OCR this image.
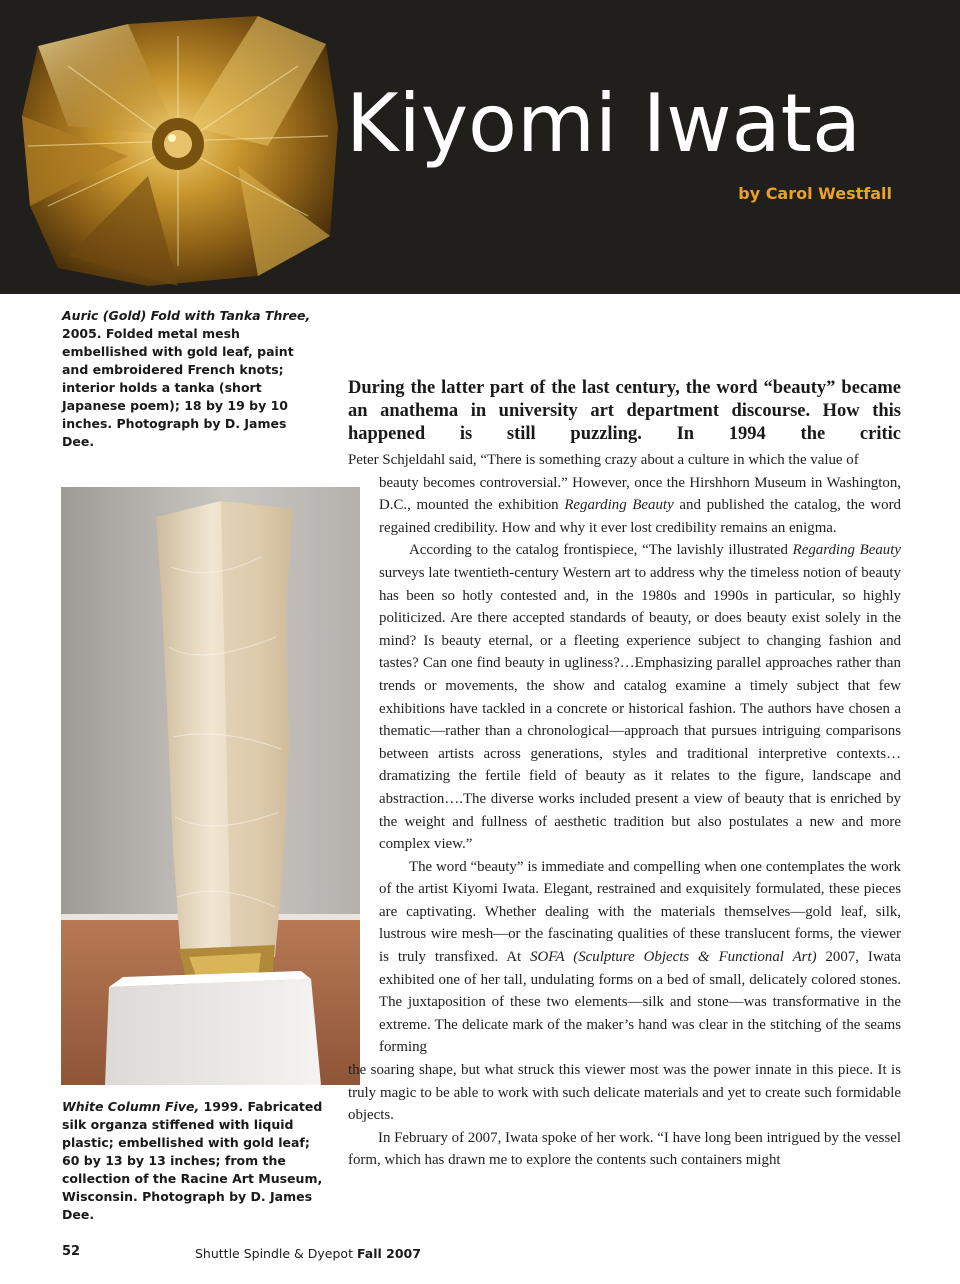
Kiyomi Iwata
by Carol Westfall
Auric (Gold) Fold with Tanka Three, 2005. Folded metal mesh embellished with gold leaf, paint and embroidered French knots; interior holds a tanka (short Japanese poem); 18 by 19 by 10 inches. Photograph by D. James Dee.
White Column Five, 1999. Fabricated silk organza stiffened with liquid plastic; embellished with gold leaf; 60 by 13 by 13 inches; from the collection of the Racine Art Museum, Wisconsin. Photograph by D. James Dee.

During the latter part of the last century, the word “beauty” became an anathema in university art department discourse. How this happened is still puzzling. In 1994 the critic

Peter Schjeldahl said, “There is something crazy about a culture in which the value of

beauty becomes controversial.” However, once the Hirshhorn Museum in Washington, D.C., mounted the exhibition Regarding Beauty and published the catalog, the word regained credibility. How and why it ever lost credibility remains an enigma.

According to the catalog frontispiece, “The lavishly illustrated Regarding Beauty surveys late twentieth-century Western art to address why the timeless notion of beauty has been so hotly contested and, in the 1980s and 1990s in particular, so highly politicized. Are there accepted standards of beauty, or does beauty exist solely in the mind? Is beauty eternal, or a fleeting experience subject to changing fashion and tastes? Can one find beauty in ugliness?…Emphasizing parallel approaches rather than trends or movements, the show and catalog examine a timely subject that few exhibitions have tackled in a concrete or historical fashion. The authors have chosen a thematic—rather than a chronological—approach that pursues intriguing comparisons between artists across generations, styles and traditional interpretive contexts…dramatizing the fertile field of beauty as it relates to the figure, landscape and abstraction….The diverse works included present a view of beauty that is enriched by the weight and fullness of aesthetic tradition but also postulates a new and more complex view.”

The word “beauty” is immediate and compelling when one contemplates the work of the artist Kiyomi Iwata. Elegant, restrained and exquisitely formulated, these pieces are captivating. Whether dealing with the materials themselves—gold leaf, silk, lustrous wire mesh—or the fascinating qualities of these translucent forms, the viewer is truly transfixed. At SOFA (Sculpture Objects & Functional Art) 2007, Iwata exhibited one of her tall, undulating forms on a bed of small, delicately colored stones. The juxtaposition of these two elements—silk and stone—was transformative in the extreme. The delicate mark of the maker’s hand was clear in the stitching of the seams forming

the soaring shape, but what struck this viewer most was the power innate in this piece. It is truly magic to be able to work with such delicate materials and yet to create such formidable objects.

In February of 2007, Iwata spoke of her work. “I have long been intrigued by the vessel form, which has drawn me to explore the contents such containers might

52	Shuttle Spindle & Dyepot Fall 2007
